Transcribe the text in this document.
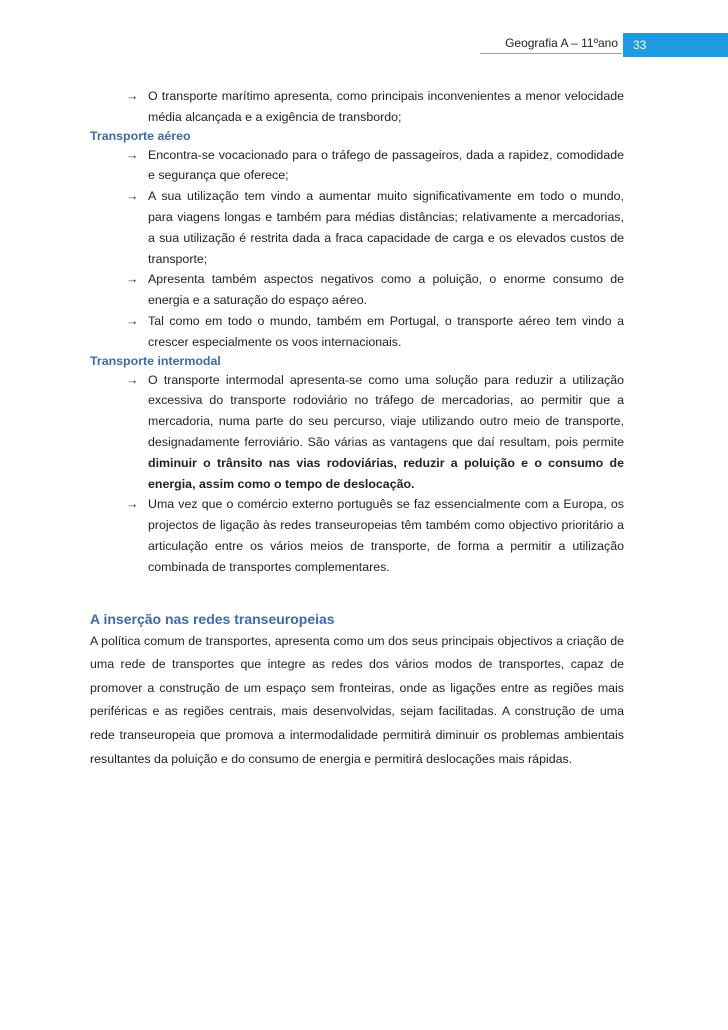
Geografia A – 11ºano 33
→ O transporte marítimo apresenta, como principais inconvenientes a menor velocidade média alcançada e a exigência de transbordo;
Transporte aéreo
→ Encontra-se vocacionado para o tráfego de passageiros, dada a rapidez, comodidade e segurança que oferece;
→ A sua utilização tem vindo a aumentar muito significativamente em todo o mundo, para viagens longas e também para médias distâncias; relativamente a mercadorias, a sua utilização é restrita dada a fraca capacidade de carga e os elevados custos de transporte;
→ Apresenta também aspectos negativos como a poluição, o enorme consumo de energia e a saturação do espaço aéreo.
→ Tal como em todo o mundo, também em Portugal, o transporte aéreo tem vindo a crescer especialmente os voos internacionais.
Transporte intermodal
→ O transporte intermodal apresenta-se como uma solução para reduzir a utilização excessiva do transporte rodoviário no tráfego de mercadorias, ao permitir que a mercadoria, numa parte do seu percurso, viaje utilizando outro meio de transporte, designadamente ferroviário. São várias as vantagens que daí resultam, pois permite diminuir o trânsito nas vias rodoviárias, reduzir a poluição e o consumo de energia, assim como o tempo de deslocação.
→ Uma vez que o comércio externo português se faz essencialmente com a Europa, os projectos de ligação às redes transeuropeias têm também como objectivo prioritário a articulação entre os vários meios de transporte, de forma a permitir a utilização combinada de transportes complementares.
A inserção nas redes transeuropeias
A política comum de transportes, apresenta como um dos seus principais objectivos a criação de uma rede de transportes que integre as redes dos vários modos de transportes, capaz de promover a construção de um espaço sem fronteiras, onde as ligações entre as regiões mais periféricas e as regiões centrais, mais desenvolvidas, sejam facilitadas. A construção de uma rede transeuropeia que promova a intermodalidade permitirá diminuir os problemas ambientais resultantes da poluição e do consumo de energia e permitirá deslocações mais rápidas.
